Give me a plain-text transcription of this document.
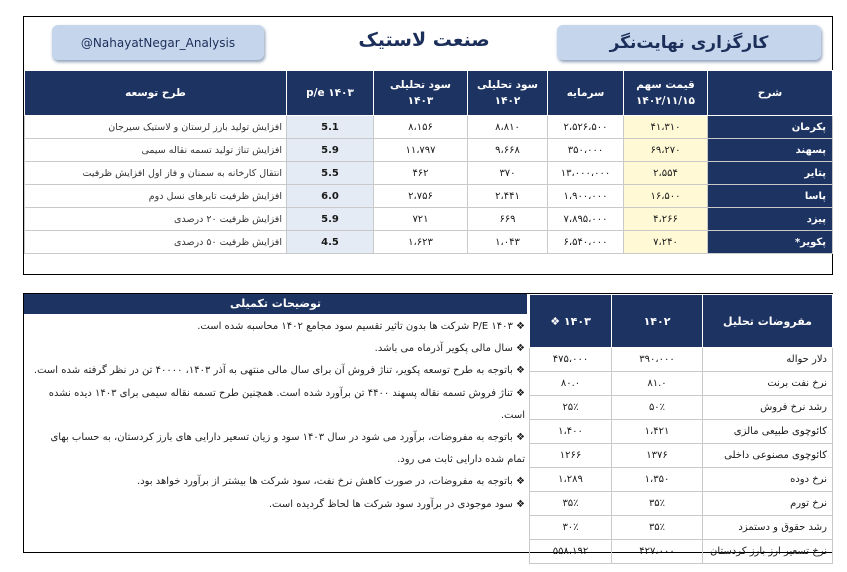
@NahayatNegar_Analysis	صنعت لاستیک	کارگزاری نهایت‌نگر
طرح توسعه	p/e ۱۴۰۳	سود تحلیلی ۱۴۰۳	سود تحلیلی ۱۴۰۲	سرمایه	قیمت سهم ۱۴۰۲/۱۱/۱۵	شرح
افزایش تولید بارز لرستان و لاستیک سیرجان	5.1	۸،۱۵۶	۸،۸۱۰	۲،۵۲۶،۵۰۰	۴۱،۳۱۰	پکرمان
افزایش تناژ تولید تسمه نقاله سیمی	5.9	۱۱،۷۹۷	۹،۶۶۸	۳۵۰،۰۰۰	۶۹،۲۷۰	پسهند
انتقال کارخانه به سمنان و فاز اول افزایش ظرفیت	5.5	۴۶۲	۳۷۰	۱۳،۰۰۰،۰۰۰	۲،۵۵۴	پتایر
افزایش ظرفیت تایرهای نسل دوم	6.0	۲،۷۵۶	۲،۴۴۱	۱،۹۰۰،۰۰۰	۱۶،۵۰۰	پاسا
افزایش ظرفیت ۲۰ درصدی	5.9	۷۲۱	۶۶۹	۷،۸۹۵،۰۰۰	۴،۲۶۶	پیزد
افزایش ظرفیت ۵۰ درصدی	4.5	۱،۶۲۳	۱،۰۴۳	۶،۵۴۰،۰۰۰	۷،۲۴۰	پکویر*
توضیحات تکمیلی

❖ P/E ۱۴۰۳ شرکت ها بدون تاثیر تقسیم سود مجامع ۱۴۰۲ محاسبه شده است.

❖ سال مالی پکویر آذرماه می باشد.

❖ باتوجه به طرح توسعه پکویر، تناژ فروش آن برای سال مالی منتهی به آذر ۱۴۰۳، ۴۰۰۰۰ تن در نظر گرفته شده است.

❖ تناژ فروش تسمه نقاله پسهند ۴۴۰۰ تن برآورد شده است. همچنین طرح تسمه نقاله سیمی برای ۱۴۰۳ دیده نشده است.

❖ باتوجه به مفروضات، برآورد می شود در سال ۱۴۰۳ سود و زیان تسعیر دارایی های بارز کردستان، به حساب بهای تمام شده دارایی ثابت می رود.

❖ باتوجه به مفروضات، در صورت کاهش نرخ نفت، سود شرکت ها بیشتر از برآورد خواهد بود.

❖ سود موجودی در برآورد سود شرکت ها لحاظ گردیده است.

❖ ۱۴۰۳	۱۴۰۲	مفروضات تحلیل
۴۷۵،۰۰۰	۳۹۰،۰۰۰	دلار حواله
۸۰.۰	۸۱.۰	نرخ نفت برنت
۲۵٪	۵۰٪	رشد نرخ فروش
۱،۴۰۰	۱،۴۲۱	کائوچوی طبیعی مالزی
۱۲۶۶	۱۳۷۶	کائوچوی مصنوعی داخلی
۱،۲۸۹	۱،۳۵۰	نرخ دوده
۳۵٪	۳۵٪	نرخ تورم
۳۰٪	۳۵٪	رشد حقوق و دستمزد
۵۵۸،۱۹۲	۴۲۷،۰۰۰	نرخ تسعیر ارز بارز کردستان
